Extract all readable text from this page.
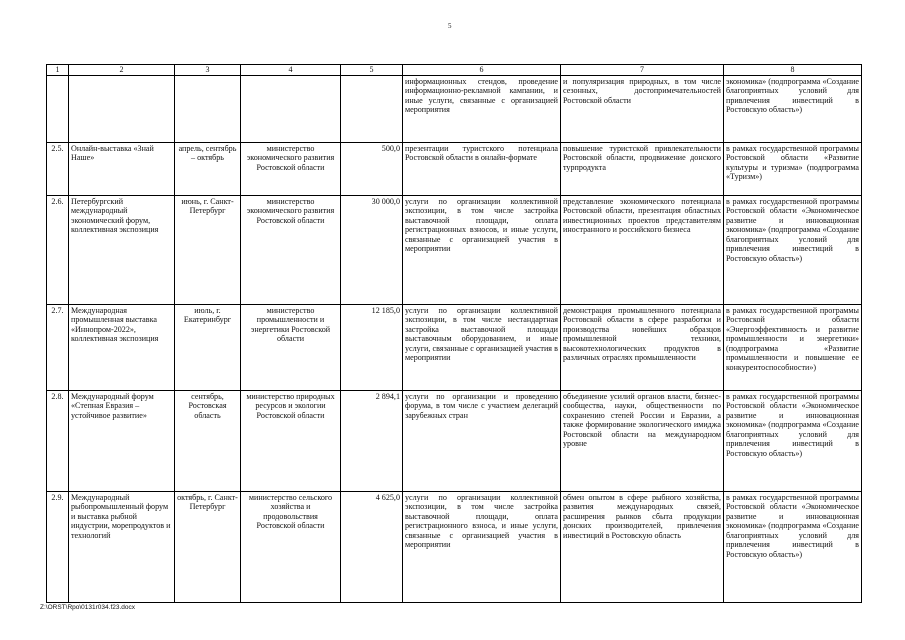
5
1	2	3	4	5	6	7	8
					информационных стендов, проведение информационно-рекламной кампании, и иные услуги, связанные с организацией мероприятия	и популяризация природных, в том числе сезонных, достопримечательностей Ростовской области	экономика» (подпрограмма «Создание благоприятных условий для привлечения инвестиций в Ростовскую область»)
2.5.	Онлайн-выставка «Знай Наше»	апрель, сентябрь – октябрь	министерство экономического развития Ростовской области	500,0	презентации туристского потенциала Ростовской области в онлайн-формате	повышение туристской привлекательности Ростовской области, продвижение донского турпродукта	в рамках государственной программы Ростовской области «Развитие культуры и туризма» (подпрограмма «Туризм»)
2.6.	Петербургский международный экономический форум, коллективная экспозиция	июнь, г. Санкт-Петербург	министерство экономического развития Ростовской области	30 000,0	услуги по организации коллективной экспозиции, в том числе застройка выставочной площади, оплата регистрационных взносов, и иные услуги, связанные с организацией участия в мероприятии	представление экономического потенциала Ростовской области, презентация областных инвестиционных проектов представителям иностранного и российского бизнеса	в рамках государственной программы Ростовской области «Экономическое развитие и инновационная экономика» (подпрограмма «Создание благоприятных условий для привлечения инвестиций в Ростовскую область»)
2.7.	Международная промышленная выставка «Иннопром-2022», коллективная экспозиция	июль, г. Екатеринбург	министерство промышленности и энергетики Ростовской области	12 185,0	услуги по организации коллективной экспозиции, в том числе нестандартная застройка выставочной площади выставочным оборудованием, и иные услуги, связанные с организацией участия в мероприятии	демонстрация промышленного потенциала Ростовской области в сфере разработки и производства новейших образцов промышленной техники, высокотехнологических продуктов в различных отраслях промышленности	в рамках государственной программы Ростовской области «Энергоэффективность и развитие промышленности и энергетики» (подпрограмма «Развитие промышленности и повышение ее конкурентоспособности»)
2.8.	Международный форум «Степная Евразия – устойчивое развитие»	сентябрь, Ростовская область	министерство природных ресурсов и экологии Ростовской области	2 894,1	услуги по организации и проведению форума, в том числе с участием делегаций зарубежных стран	объединение усилий органов власти, бизнес-сообщества, науки, общественности по сохранению степей России и Евразии, а также формирование экологического имиджа Ростовской области на международном уровне	в рамках государственной программы Ростовской области «Экономическое развитие и инновационная экономика» (подпрограмма «Создание благоприятных условий для привлечения инвестиций в Ростовскую область»)
2.9.	Международный рыбопромышленный форум и выставка рыбной индустрии, морепродуктов и технологий	октябрь, г. Санкт-Петербург	министерство сельского хозяйства и продовольствия Ростовской области	4 625,0	услуги по организации коллективной экспозиции, в том числе застройка выставочной площади, оплата регистрационного взноса, и иные услуги, связанные с организацией участия в мероприятии	обмен опытом в сфере рыбного хозяйства, развития международных связей, расширения рынков сбыта продукции донских производителей, привлечения инвестиций в Ростовскую область	в рамках государственной программы Ростовской области «Экономическое развитие и инновационная экономика» (подпрограмма «Создание благоприятных условий для привлечения инвестиций в Ростовскую область»)
Z:\ORST\Rpo\0131r034.f23.docx
